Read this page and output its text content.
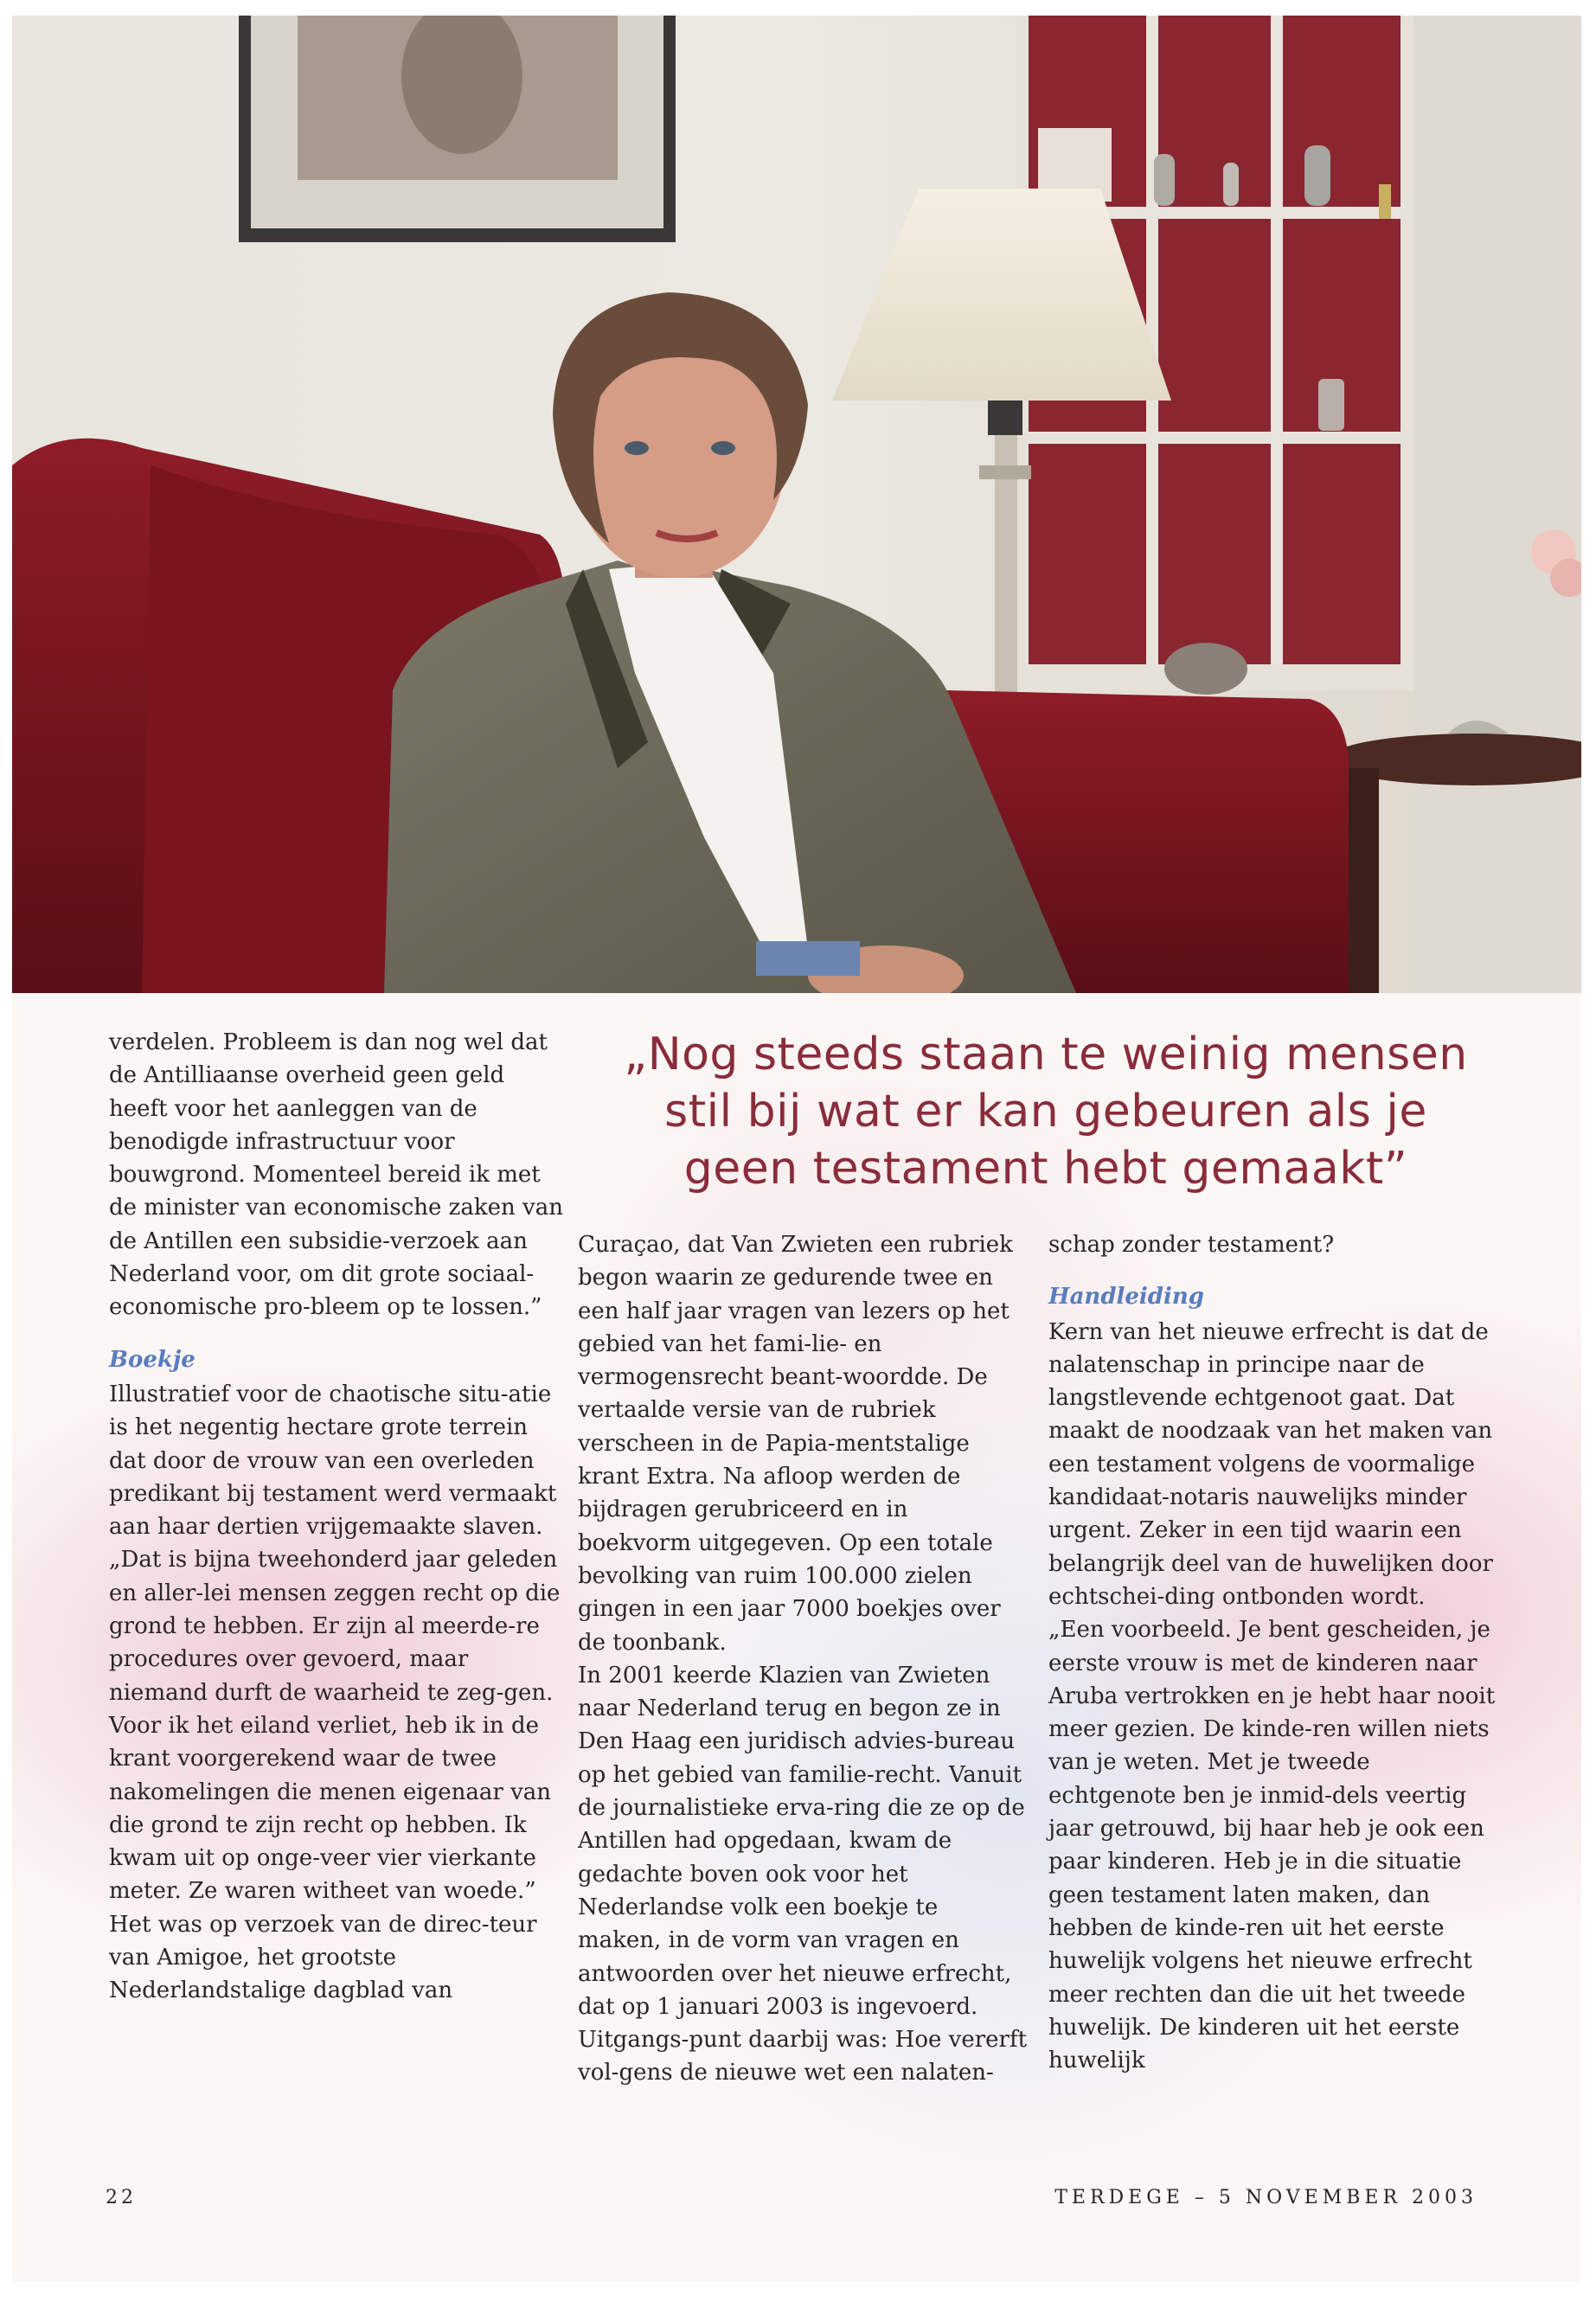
verdelen. Probleem is dan nog wel dat de Antilliaanse overheid geen geld heeft voor het aanleggen van de benodigde infrastructuur voor bouwgrond. Momenteel bereid ik met de minister van economische zaken van de Antillen een subsidie-verzoek aan Nederland voor, om dit grote sociaal-economische pro-bleem op te lossen.”

Boekje

Illustratief voor de chaotische situ-atie is het negentig hectare grote terrein dat door de vrouw van een overleden predikant bij testament werd vermaakt aan haar dertien vrijgemaakte slaven. „Dat is bijna tweehonderd jaar geleden en aller-lei mensen zeggen recht op die grond te hebben. Er zijn al meerde-re procedures over gevoerd, maar niemand durft de waarheid te zeg-gen. Voor ik het eiland verliet, heb ik in de krant voorgerekend waar de twee nakomelingen die menen eigenaar van die grond te zijn recht op hebben. Ik kwam uit op onge-veer vier vierkante meter. Ze waren witheet van woede.”

Het was op verzoek van de direc-teur van Amigoe, het grootste Nederlandstalige dagblad van

„Nog steeds staan te weinig mensen
stil bij wat er kan gebeuren als je
geen testament hebt gemaakt”

Curaçao, dat Van Zwieten een rubriek begon waarin ze gedurende twee en een half jaar vragen van lezers op het gebied van het fami-lie- en vermogensrecht beant-woordde. De vertaalde versie van de rubriek verscheen in de Papia-mentstalige krant Extra. Na afloop werden de bijdragen gerubriceerd en in boekvorm uitgegeven. Op een totale bevolking van ruim 100.000 zielen gingen in een jaar 7000 boekjes over de toonbank.

In 2001 keerde Klazien van Zwieten naar Nederland terug en begon ze in Den Haag een juridisch advies-bureau op het gebied van familie-recht. Vanuit de journalistieke erva-ring die ze op de Antillen had opgedaan, kwam de gedachte boven ook voor het Nederlandse volk een boekje te maken, in de vorm van vragen en antwoorden over het nieuwe erfrecht, dat op 1 januari 2003 is ingevoerd. Uitgangs-punt daarbij was: Hoe vererft vol-gens de nieuwe wet een nalaten-

schap zonder testament?

Handleiding

Kern van het nieuwe erfrecht is dat de nalatenschap in principe naar de langstlevende echtgenoot gaat. Dat maakt de noodzaak van het maken van een testament volgens de voormalige kandidaat-notaris nauwelijks minder urgent. Zeker in een tijd waarin een belangrijk deel van de huwelijken door echtschei-ding ontbonden wordt.

„Een voorbeeld. Je bent gescheiden, je eerste vrouw is met de kinderen naar Aruba vertrokken en je hebt haar nooit meer gezien. De kinde-ren willen niets van je weten. Met je tweede echtgenote ben je inmid-dels veertig jaar getrouwd, bij haar heb je ook een paar kinderen. Heb je in die situatie geen testament laten maken, dan hebben de kinde-ren uit het eerste huwelijk volgens het nieuwe erfrecht meer rechten dan die uit het tweede huwelijk. De kinderen uit het eerste huwelijk

22	TERDEGE – 5 NOVEMBER 2003
